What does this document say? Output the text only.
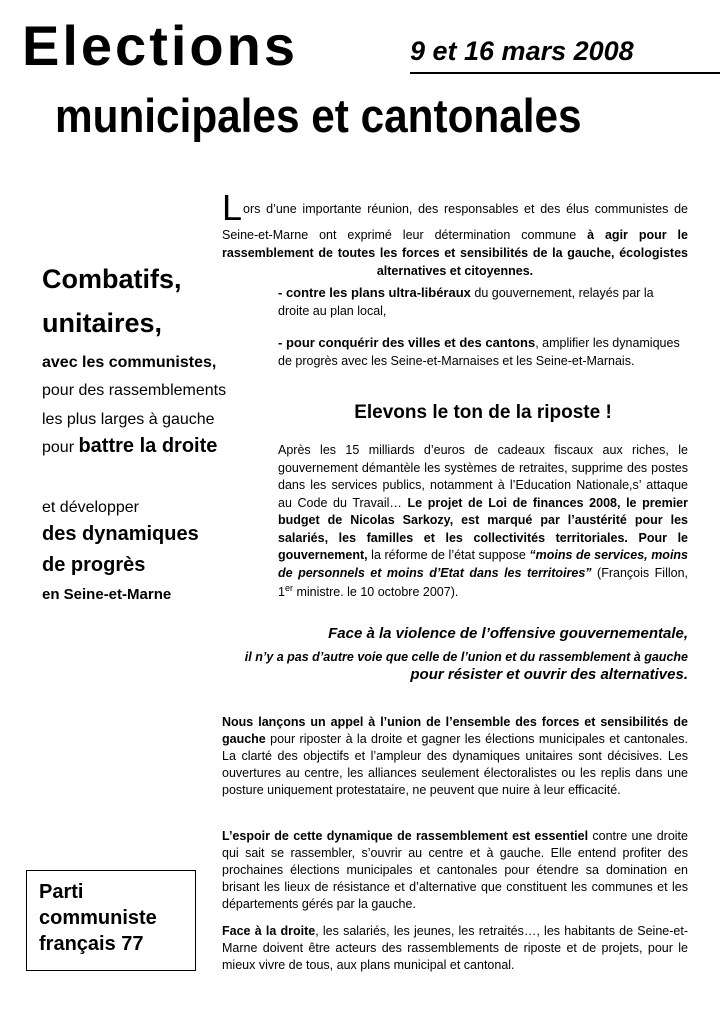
Elections	9 et 16 mars 2008
municipales et cantonales
Combatifs,
unitaires,
avec les communistes,
pour des rassemblements
les plus larges à gauche
pour battre la droite
et développer
des dynamiques
de progrès
en Seine-et-Marne
Lors d’une importante réunion, des responsables et des élus communistes de Seine-et-Marne ont exprimé leur détermination commune à agir pour le rassemblement de toutes les forces et sensibilités de la gauche, écologistes alternatives et citoyennes.
- contre les plans ultra-libéraux du gouvernement, relayés par la droite au plan local,
- pour conquérir des villes et des cantons, amplifier les dynamiques de progrès avec les Seine-et-Marnaises et les Seine-et-Marnais.
Elevons le ton de la riposte !
Après les 15 milliards d’euros de cadeaux fiscaux aux riches, le gouvernement démantèle les systèmes de retraites, supprime des postes dans les services publics, notamment à l’Education Nationale,s’ attaque au Code du Travail… Le projet de Loi de finances 2008, le premier budget de Nicolas Sarkozy, est marqué par l’austérité pour les salariés, les familles et les collectivités territoriales. Pour le gouvernement, la réforme de l’état suppose “moins de services, moins de personnels et moins d’Etat dans les territoires” (François Fillon, 1er ministre. le 10 octobre 2007).
Face à la violence de l’offensive gouvernementale,
il n’y a pas d’autre voie que celle de l’union et du rassemblement à gauche
pour résister et ouvrir des alternatives.
Nous lançons un appel à l’union de l’ensemble des forces et sensibilités de gauche pour riposter à la droite et gagner les élections municipales et cantonales. La clarté des objectifs et l’ampleur des dynamiques unitaires sont décisives. Les ouvertures au centre, les alliances seulement électoralistes ou les replis dans une posture uniquement protestataire, ne peuvent que nuire à leur efficacité.
L’espoir de cette dynamique de rassemblement est essentiel contre une droite qui sait se rassembler, s’ouvrir au centre et à gauche. Elle entend profiter des prochaines élections municipales et cantonales pour étendre sa domination en brisant les lieux de résistance et d’alternative que constituent les communes et les départements gérés par la gauche.
Face à la droite, les salariés, les jeunes, les retraités…, les habitants de Seine-et-Marne doivent être acteurs des rassemblements de riposte et de projets, pour le mieux vivre de tous, aux plans municipal et cantonal.
Parti
communiste
français 77
